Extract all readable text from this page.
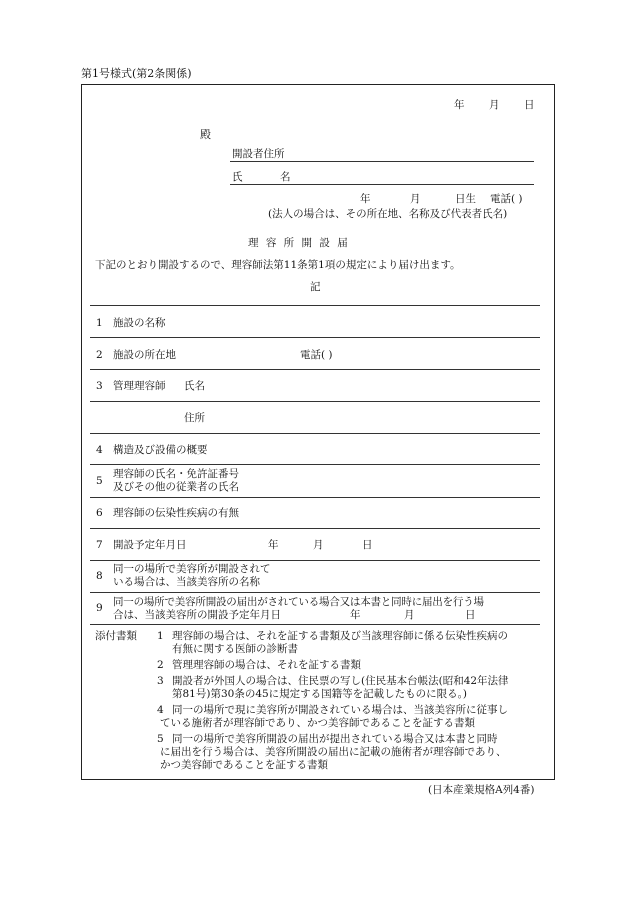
第1号様式(第2条関係)
年 月 日
殿
開設者住所
氏	名
年	月	日生 電話( )
(法人の場合は、その所在地、名称及び代表者氏名)
理 容 所 開 設 届
下記のとおり開設するので、理容師法第11条第1項の規定により届け出ます。
記
1 施設の名称
2 施設の所在地	電話( )
3 管理理容師 氏名
住所
4 構造及び設備の概要
5
理容師の氏名・免許証番号
及びその他の従業者の氏名
6 理容師の伝染性疾病の有無
7 開設予定年月日	年	月	日
8
同一の場所で美容所が開設されて
いる場合は、当該美容所の名称
9 同一の場所で美容所開設の届出がされている場合又は本書と同時に届出を行う場
合は、当該美容所の開設予定年月日	年	月	日
添付書類 1 理容師の場合は、それを証する書類及び当該理容師に係る伝染性疾病の
有無に関する医師の診断書
2 管理理容師の場合は、それを証する書類
3 開設者が外国人の場合は、住民票の写し(住民基本台帳法(昭和42年法律
第81号)第30条の45に規定する国籍等を記載したものに限る。)
4 同一の場所で現に美容所が開設されている場合は、当該美容所に従事し
ている施術者が理容師であり、かつ美容師であることを証する書類
5 同一の場所で美容所開設の届出が提出されている場合又は本書と同時
に届出を行う場合は、美容所開設の届出に記載の施術者が理容師であり、
かつ美容師であることを証する書類
(日本産業規格A列4番)
